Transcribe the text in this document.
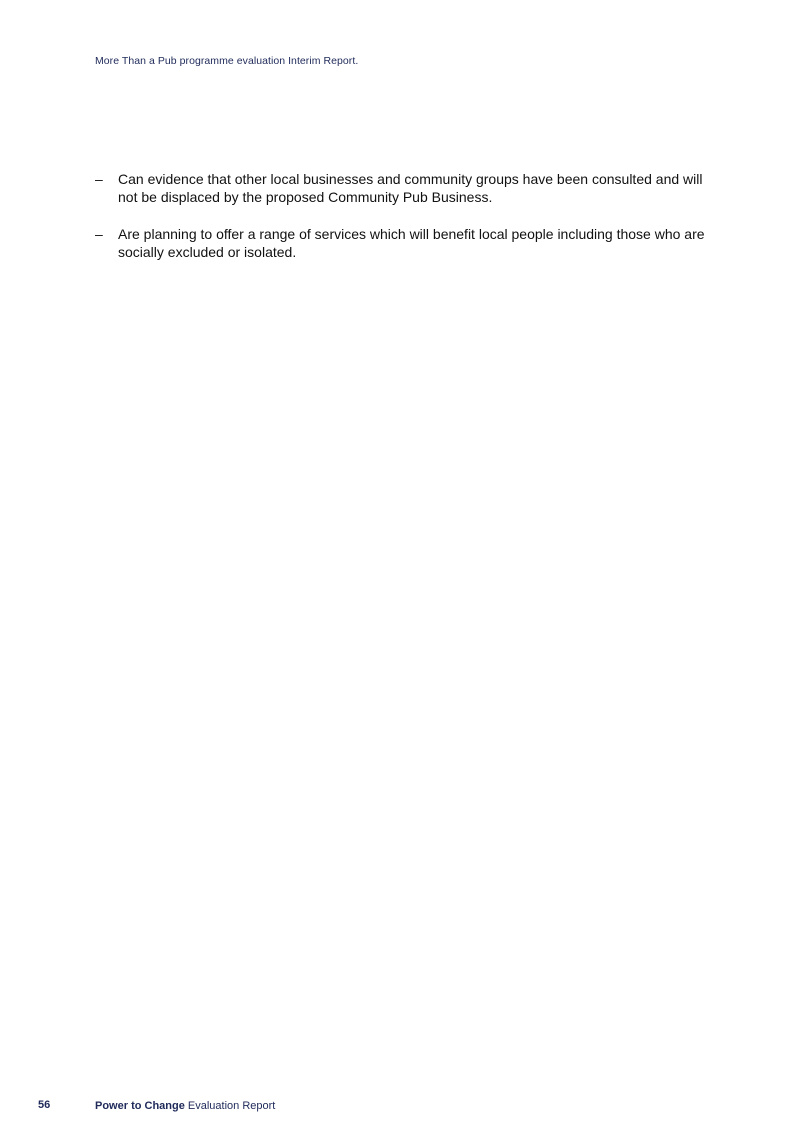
More Than a Pub programme evaluation Interim Report.
– Can evidence that other local businesses and community groups have been consulted and will not be displaced by the proposed Community Pub Business.
– Are planning to offer a range of services which will benefit local people including those who are socially excluded or isolated.
56	Power to Change Evaluation Report
